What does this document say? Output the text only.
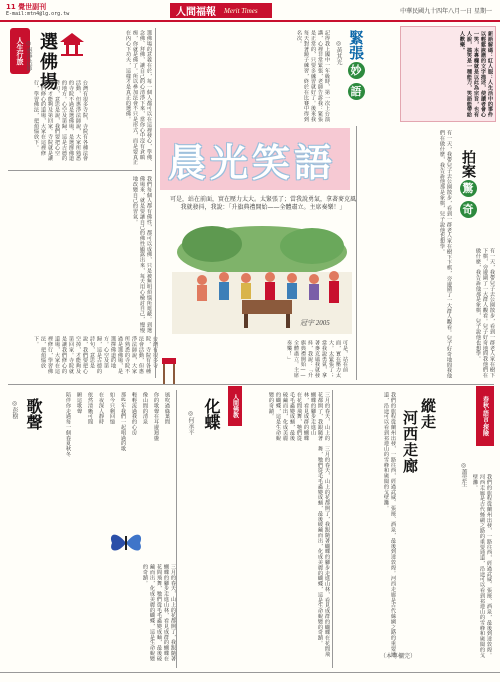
11 覺世副刊
E-mail:mtn4@lg.org.tw	人間福報 Merit Times	中華民國九十四年八月一日 星期一
人生行旅 選佛場
◎惠淨法師
台灣有很多寺院，寺院有各種法會活動，但惠淨法師說，大家所熟悉的寺院不過是選佛場，是選擇佛道的地方。心空及第歸，這是古德的詩句，意思是說，我們要把心空掉，才能夠及第回家。寺院就是讓我們修心的道場，大家在這裡修行，學習佛法，把煩惱放下。	選佛場的意義在於，每一個人都可以在這裡發心，學佛、念佛、拜佛，讓自己的心清淨下來，當你心中沒有貪瞋痴，你就是佛了。所以參加法會不只是形式，而是要真正在內心下功夫，這樣才是真正的選佛。
我們每個人都有佛性，都可以成佛，只是被無明煩惱所遮蔽。到選佛場來，就是要讓自己的佛性顯露出來，每天用心檢討自己，慢慢地改變自己的習氣。
院，寺院有各種法會活動，但惠淨法師說，大家所熟悉的寺院不過是選佛場，是選擇佛道的地方。心空及第歸，這是古德的詩句，意思是說，我們要把心空掉，才能夠及第回家。寺院就是讓我們修心的道場，大家在這裡修行，學習佛法，把煩惱放下。
緊張妙語
◎黃其光
記得我上國中一年級時，第一次上台演講，心裡非常緊張，老師告訴我：緊張是正常的，只要多練習就好了。後來我每天對著鏡子練習，終於在比賽中得到名次。	新語解碼：紅人服：人生活中的事件以輕鬆詼諧的文字描述，使讀者會心一笑，本專欄就是以此為宗旨，也有人說，搞笑是一種能力，笑語能帶給人歡樂。
晨光笑語
可是，站在前面，實在壓力太大。太緊張了；當我說勇氣，拿著麥克風我就發抖，我說：「升旗典禮開始——全體肅立。主席奏樂！」
拍案驚奇
有一天，我帶兒子去公園散步，看到一群老人家在樹下下棋，旁邊圍了一大群人觀看。兒子好奇地問我他們在做什麼，我告訴他那是象棋，兒子說他也想學。
有一天，我帶兒子去公園散步，看到一群老人家在樹下下棋，旁邊圍了一大群人觀看。兒子好奇地問我他們在做什麼，我告訴他那是象棋，兒子說他也想學。
冠宇 2005
可是，站在前面，實在壓力太大。太緊張了；當我說勇氣，拿著麥克風我就發抖，我說：「升旗典禮開始——全體肅立。主席奏樂！」
歌聲
◎彭樹	風吹過綠葉間
你的歌聲在耳邊迴盪
像山間的清泉
輕輕流過我的心房
那些年我們一起唱過的歌
如今只剩回憶
在夜深人靜時
依然清晰可聞
願這歌聲
陪伴你走過每一個春夏秋冬
三月的春天，山上的花都開了，我跟隨著蝴蝶的腳步走進山林，看見成群的蝴蝶在花間飛舞，牠們從毛毛蟲變成蛹，最後破繭而出，化成美麗的蝴蝶，這是生命蛻變的奇蹟。
人間佛教
化蝶
◎何承平
三月的春天，山上的花都開了，我跟隨著蝴蝶的腳步走進山林，看見成群的蝴蝶在花間飛舞，牠們從毛毛蟲變成蛹，最後破繭而出，化成美麗的蝴蝶，這是生命蛻變的奇蹟。
三月的春天，山上的花都開了，我跟隨著蝴蝶的腳步走進山林，看見成群的蝴蝶在花間飛舞，牠們從毛毛蟲變成蛹，最後破繭而出，化成美麗的蝴蝶，這是生命蛻變的奇蹟。	春秋‧語言‧探險
縱走
河西走廊
◎蕭雲生
我們的旅程從蘭州出發，一路往西，經過武威、張掖、酒泉，最後到達敦煌。河西走廊是古代絲綢之路的重要通道，沿途可以看到祁連山的雪峰和廣闊的戈壁灘。
我們的旅程從蘭州出發，一路往西，經過武威、張掖、酒泉，最後到達敦煌。河西走廊是古代絲綢之路的重要通道，沿途可以看到祁連山的雪峰和廣闊的戈壁灘。
（本專欄完）
